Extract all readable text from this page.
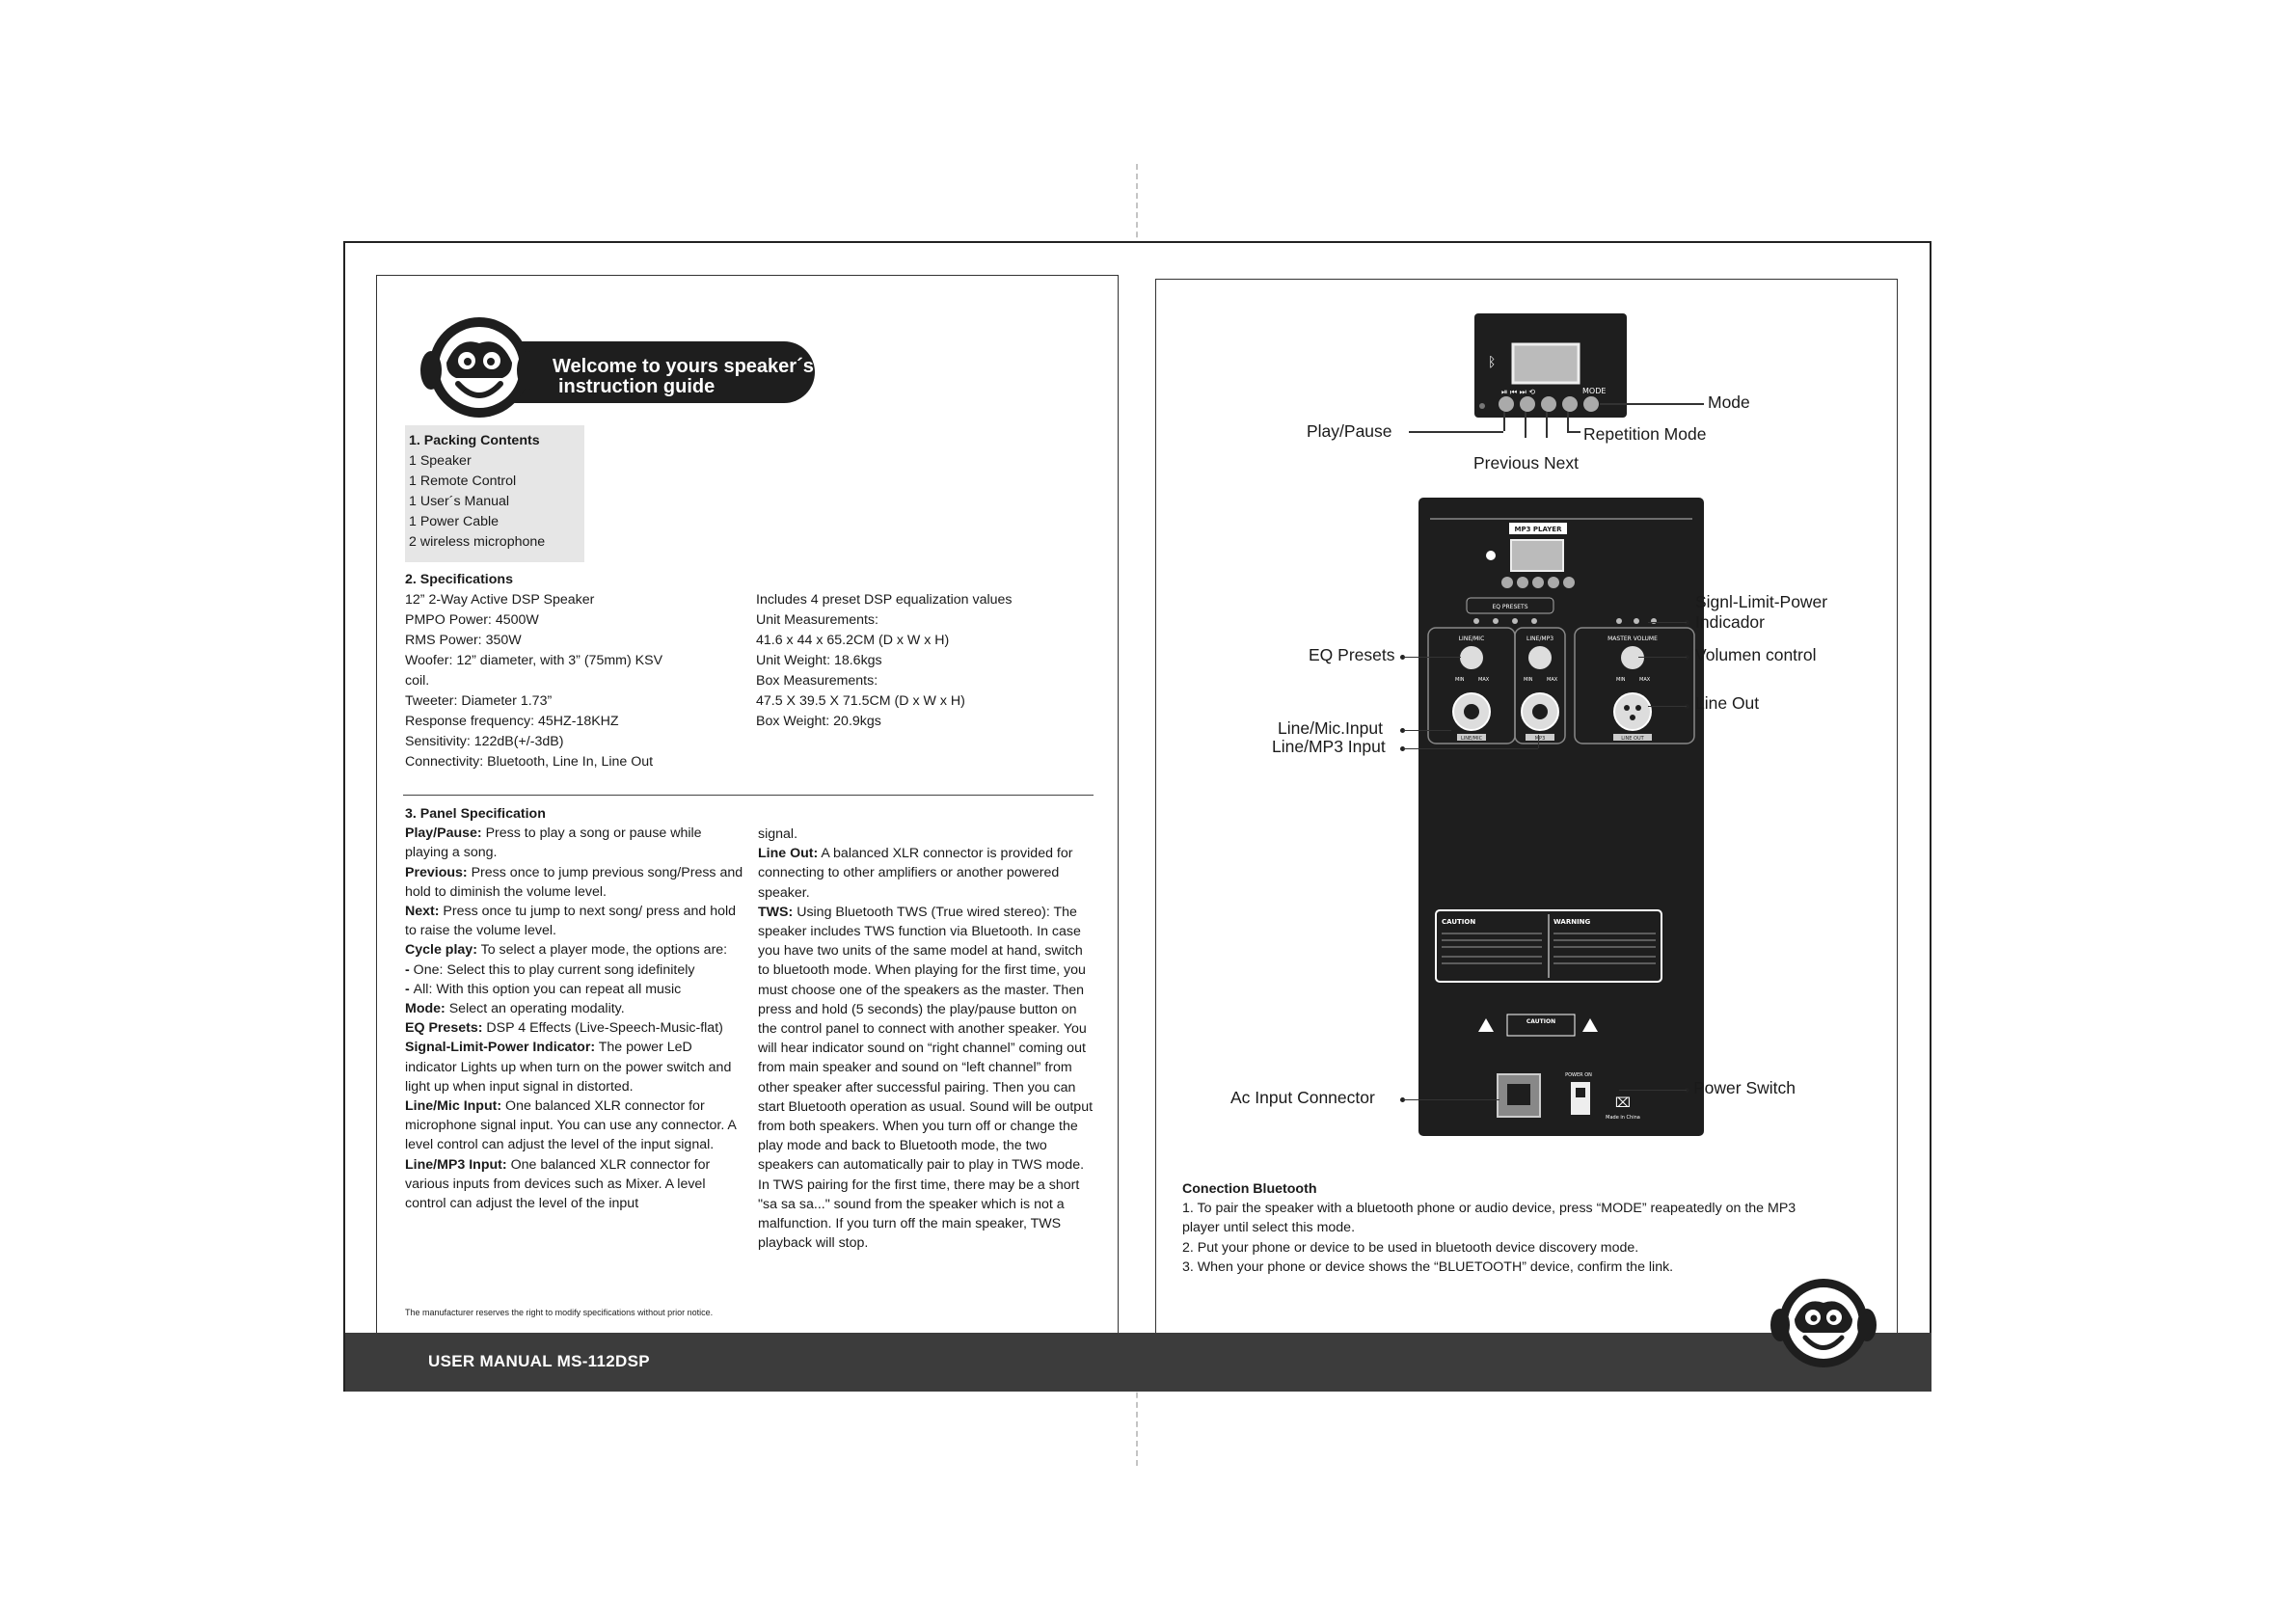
Welcome to yours speaker´s
instruction guide
1. Packing Contents
1 Speaker
1 Remote Control
1 User´s Manual
1 Power Cable
2 wireless microphone
2. Specifications
12” 2-Way Active DSP Speaker
PMPO Power: 4500W
RMS Power: 350W
Woofer: 12” diameter, with 3” (75mm) KSV
coil.
Tweeter: Diameter 1.73”
Response frequency: 45HZ-18KHZ
Sensitivity: 122dB(+/-3dB)
Connectivity: Bluetooth, Line In, Line Out
Includes 4 preset DSP equalization values
Unit Measurements:
41.6 x 44 x 65.2CM (D x W x H)
Unit Weight: 18.6kgs
Box Measurements:
47.5 X 39.5 X 71.5CM (D x W x H)
Box Weight: 20.9kgs
3. Panel Specification
Play/Pause: Press to play a song or pause while playing a song.
Previous: Press once to jump previous song/Press and hold to diminish the volume level.
Next: Press once tu jump to next song/ press and hold to raise the volume level.
Cycle play: To select a player mode, the options are:
- One: Select this to play current song idefinitely
- All: With this option you can repeat all music
Mode: Select an operating modality.
EQ Presets: DSP 4 Effects (Live-Speech-Music-flat)
Signal-Limit-Power Indicator: The power LeD indicator Lights up when turn on the power switch and light up when input signal in distorted.
Line/Mic Input: One balanced XLR connector for microphone signal input. You can use any connector. A level control can adjust the level of the input signal.
Line/MP3 Input: One balanced XLR connector for various inputs from devices such as Mixer. A level control can adjust the level of the input
signal.
Line Out: A balanced XLR connector is provided for connecting to other amplifiers or another powered speaker.
TWS: Using Bluetooth TWS (True wired stereo): The speaker includes TWS function via Bluetooth. In case you have two units of the same model at hand, switch to bluetooth mode. When playing for the first time, you must choose one of the speakers as the master. Then press and hold (5 seconds) the play/pause button on the control panel to connect with another speaker. You will hear indicator sound on “right channel” coming out from main speaker and sound on “left channel” from other speaker after successful pairing. Then you can start Bluetooth operation as usual. Sound will be output from both speakers. When you turn off or change the play mode and back to Bluetooth mode, the two speakers can automatically pair to play in TWS mode. In TWS pairing for the first time, there may be a short "sa sa sa..." sound from the speaker which is not a malfunction. If you turn off the main speaker, TWS playback will stop.
The manufacturer reserves the right to modify specifications without prior notice.
ᛒ
MODE
⏯ ⏮ ⏭ ⟲
Mode
Play/Pause	Repetition Mode
Previous Next
MP3 PLAYER
EQ PRESETS
LINE/MIC	LINE/MP3	MASTER VOLUME
MIN	MAX	MIN	MAX	MIN	MAX
LINE/MIC	MP3	LINE OUT
CAUTION	WARNING
CAUTION
POWER ON
⌧
Made in China
EQ Presets
Signl-Limit-Power
Indicador
Volumen control
Line/Mic.Input
Line Out
Line/MP3 Input
Ac Input Connector	Power Switch
Conection Bluetooth
1. To pair the speaker with a bluetooth phone or audio device, press “MODE” reapeatedly on the MP3
player until select this mode.
2. Put your phone or device to be used in bluetooth device discovery mode.
3. When your phone or device shows the “BLUETOOTH” device, confirm the link.
USER MANUAL MS-112DSP
